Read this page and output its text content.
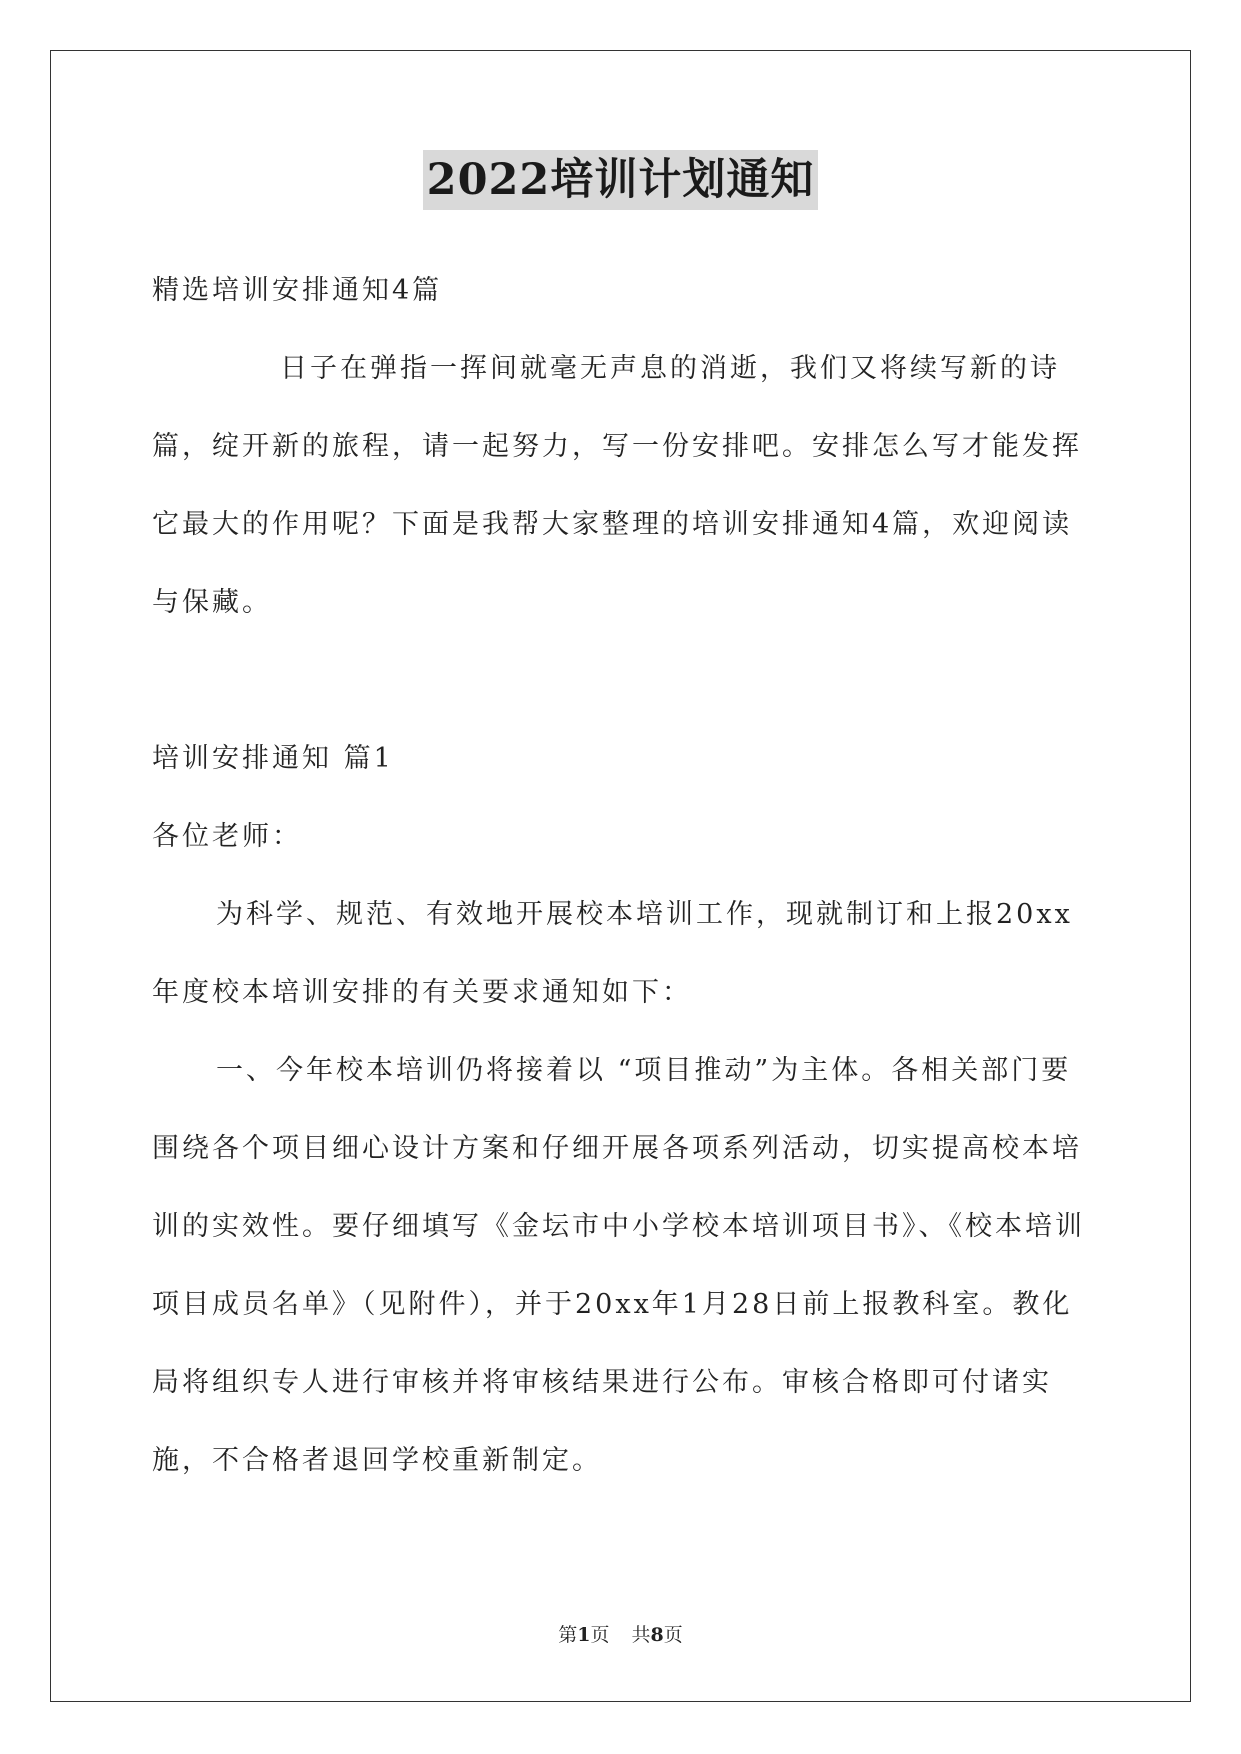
2022培训计划通知

精选培训安排通知4篇

日子在弹指一挥间就毫无声息的消逝，我们又将续写新的诗篇，绽开新的旅程，请一起努力，写一份安排吧。安排怎么写才能发挥它最大的作用呢？下面是我帮大家整理的培训安排通知4篇，欢迎阅读与保藏。

培训安排通知 篇1

各位老师：

为科学、规范、有效地开展校本培训工作，现就制订和上报20xx年度校本培训安排的有关要求通知如下：

一、今年校本培训仍将接着以 “项目推动”为主体。各相关部门要围绕各个项目细心设计方案和仔细开展各项系列活动，切实提高校本培训的实效性。要仔细填写《金坛市中小学校本培训项目书》、《校本培训项目成员名单》（见附件），并于20xx年1月28日前上报教科室。教化局将组织专人进行审核并将审核结果进行公布。审核合格即可付诸实施，不合格者退回学校重新制定。

第1页 共8页
